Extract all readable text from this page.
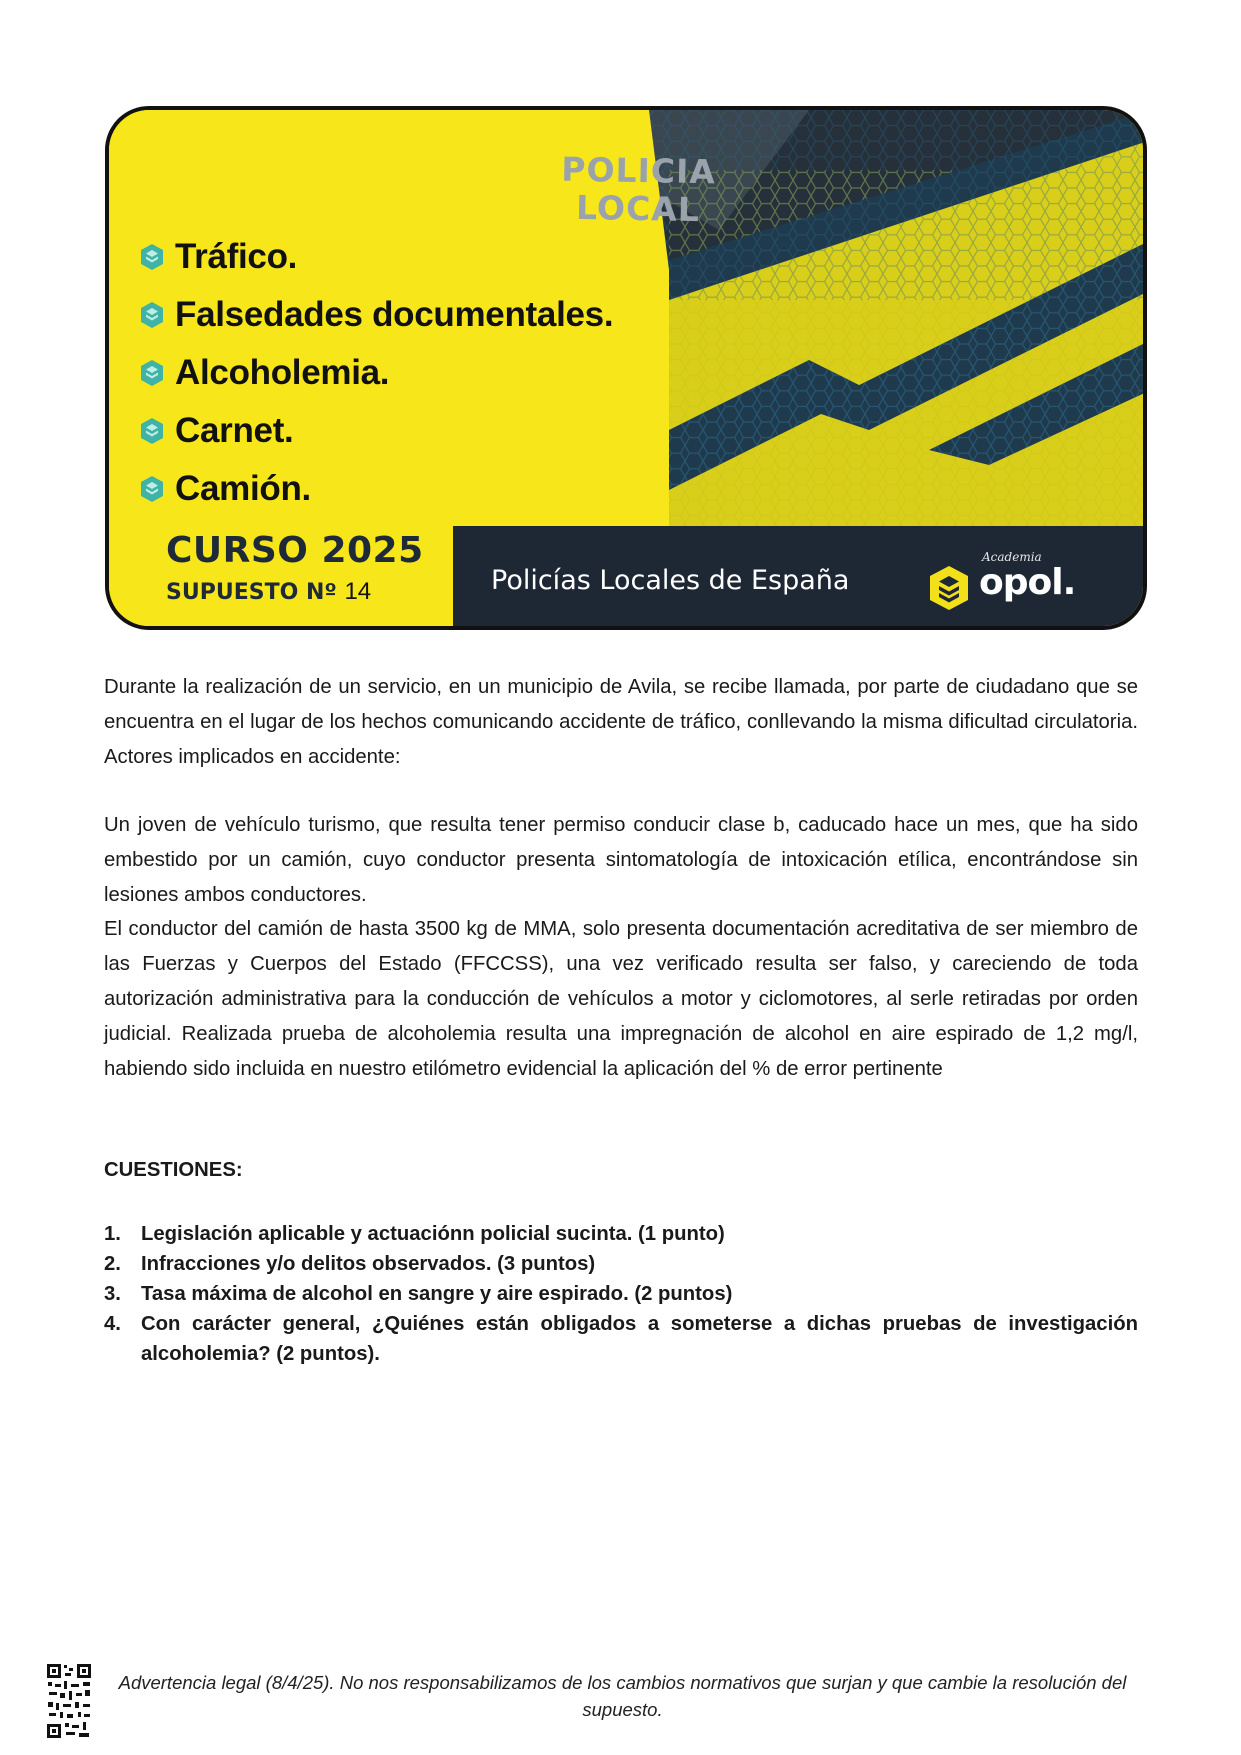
POLICIA
LOCAL
Tráfico.
Falsedades documentales.
Alcoholemia.
Carnet.
Camión.
CURSO 2025
SUPUESTO Nº 14	Policías Locales de España
Academia
opol.

Durante la realización de un servicio, en un municipio de Avila, se recibe llamada, por parte de ciudadano que se encuentra en el lugar de los hechos comunicando accidente de tráfico, conllevando la misma dificultad circulatoria. Actores implicados en accidente:

Un joven de vehículo turismo, que resulta tener permiso conducir clase b, caducado hace un mes, que ha sido embestido por un camión, cuyo conductor presenta sintomatología de intoxicación etílica, encontrándose sin lesiones ambos conductores.

El conductor del camión de hasta 3500 kg de MMA, solo presenta documentación acreditativa de ser miembro de las Fuerzas y Cuerpos del Estado (FFCCSS), una vez verificado resulta ser falso, y careciendo de toda autorización administrativa para la conducción de vehículos a motor y ciclomotores, al serle retiradas por orden judicial. Realizada prueba de alcoholemia resulta una impregnación de alcohol en aire espirado de 1,2 mg/l, habiendo sido incluida en nuestro etilómetro evidencial la aplicación del % de error pertinente

CUESTIONES:
1. Legislación aplicable y actuaciónn policial sucinta. (1 punto)
2. Infracciones y/o delitos observados. (3 puntos)
3. Tasa máxima de alcohol en sangre y aire espirado. (2 puntos)
4. Con carácter general, ¿Quiénes están obligados a someterse a dichas pruebas de investigación alcoholemia? (2 puntos).
Advertencia legal (8/4/25). No nos responsabilizamos de los cambios normativos que surjan y que cambie la resolución del supuesto.
